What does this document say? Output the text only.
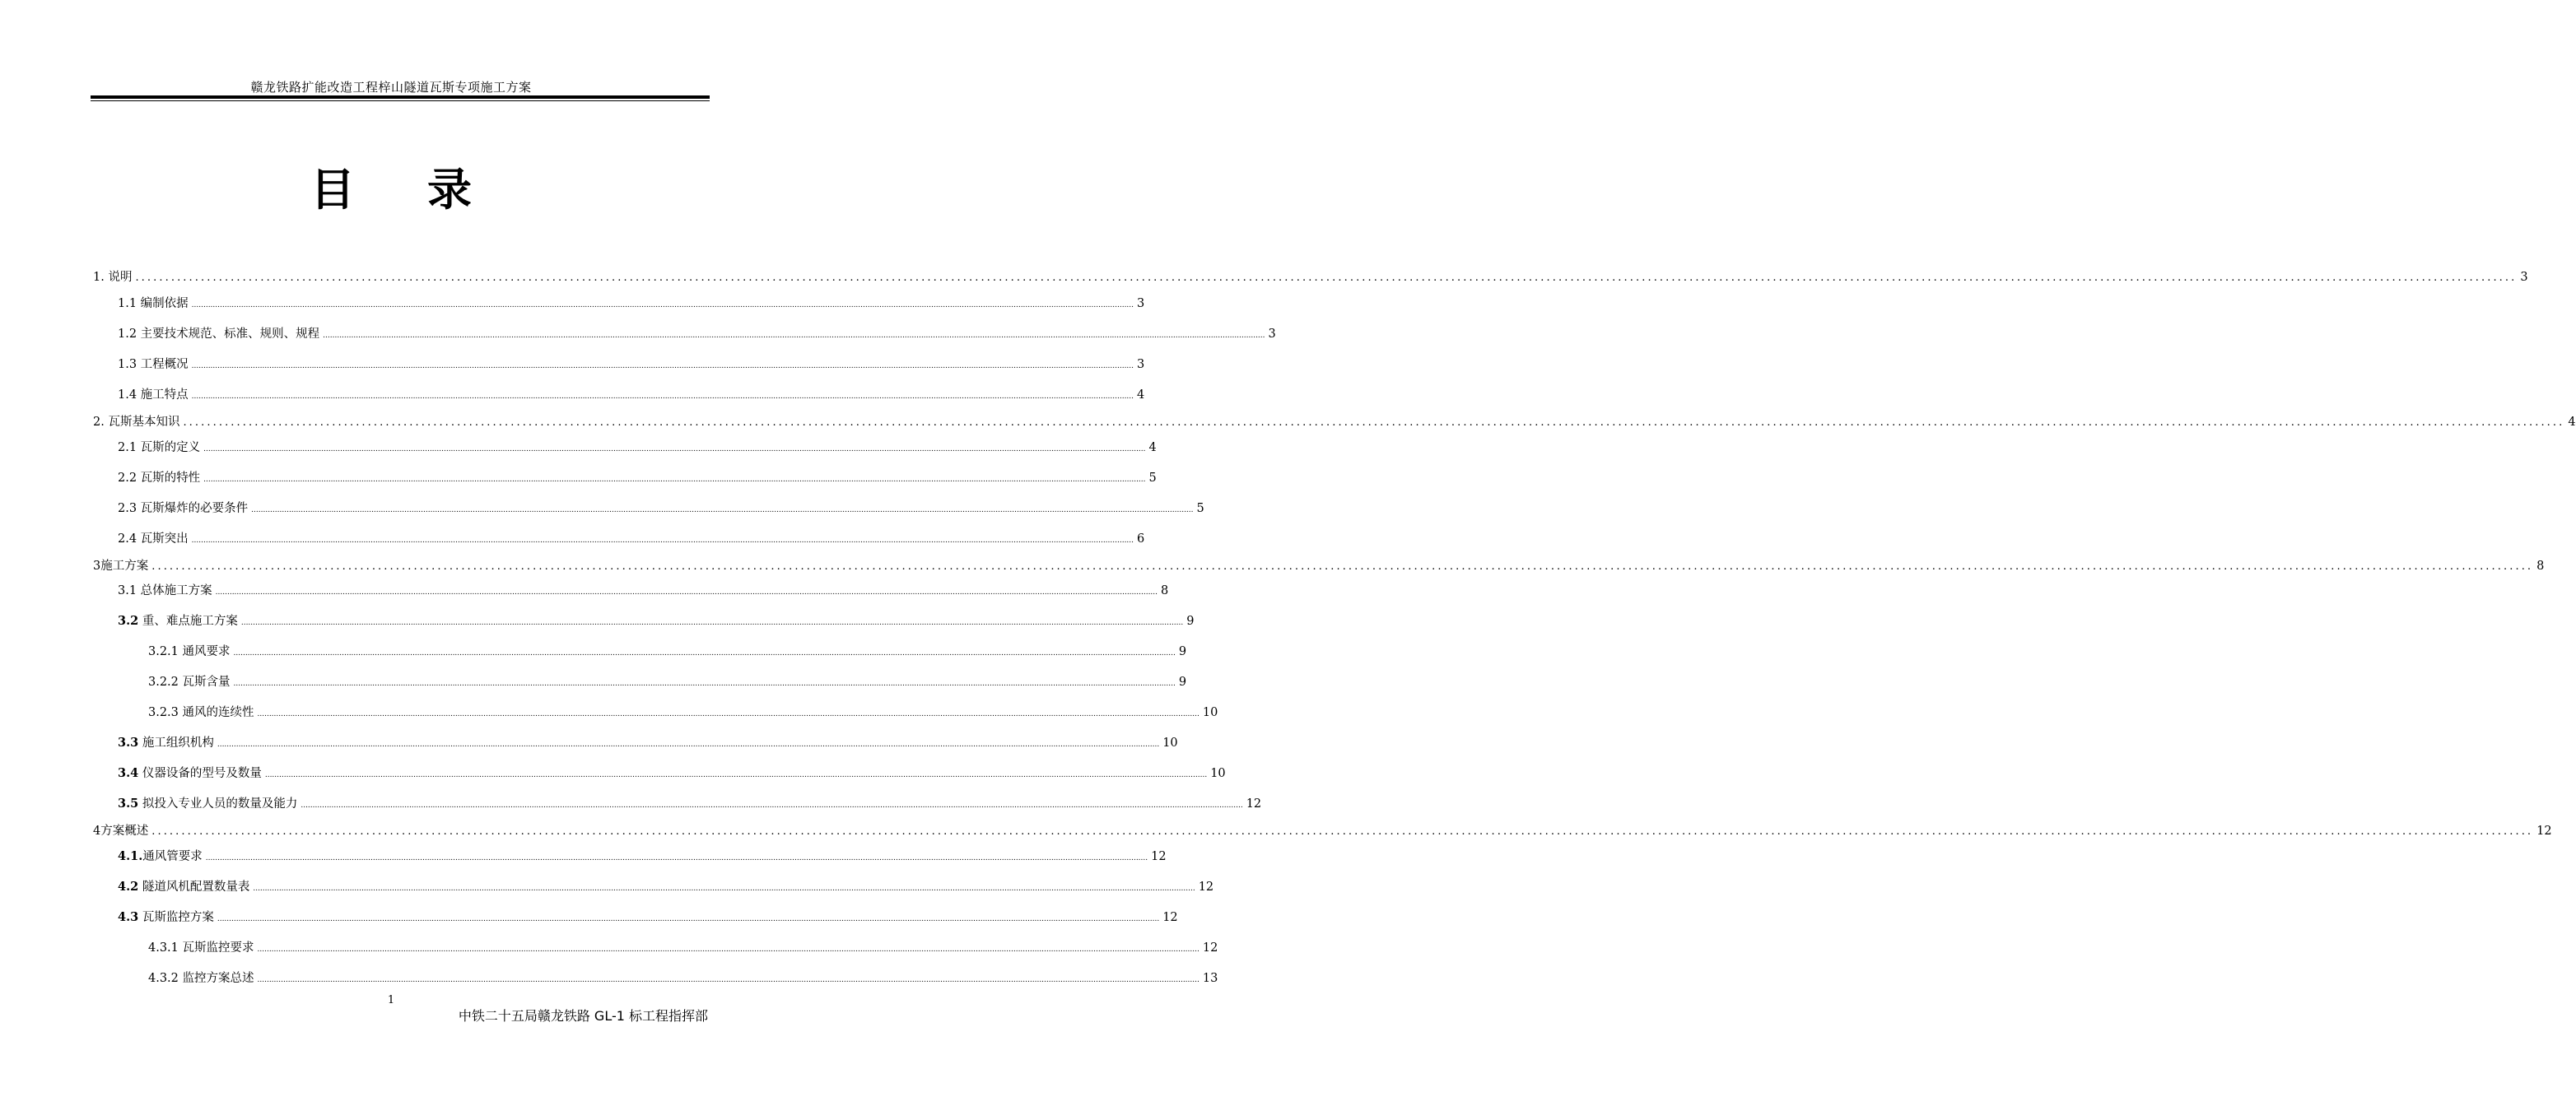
赣龙铁路扩能改造工程梓山隧道瓦斯专项施工方案
目 录
1. 说明 ................................................................................................................................................................................................................................................................................................................................................................................................................ 3
1.1 编制依据 ................................................................................................................................................................................................................................................................................................................................................................................................................ 3
1.2 主要技术规范、标准、规则、规程 ................................................................................................................................................................................................................................................................................................................................................................................................................ 3
1.3 工程概况 ................................................................................................................................................................................................................................................................................................................................................................................................................ 3
1.4 施工特点 ................................................................................................................................................................................................................................................................................................................................................................................................................ 4
2. 瓦斯基本知识 ................................................................................................................................................................................................................................................................................................................................................................................................................ 4
2.1 瓦斯的定义 ................................................................................................................................................................................................................................................................................................................................................................................................................ 4
2.2 瓦斯的特性 ................................................................................................................................................................................................................................................................................................................................................................................................................ 5
2.3 瓦斯爆炸的必要条件 ................................................................................................................................................................................................................................................................................................................................................................................................................ 5
2.4 瓦斯突出 ................................................................................................................................................................................................................................................................................................................................................................................................................ 6
3施工方案 ................................................................................................................................................................................................................................................................................................................................................................................................................ 8
3.1 总体施工方案 ................................................................................................................................................................................................................................................................................................................................................................................................................ 8
3.2 重、难点施工方案 ................................................................................................................................................................................................................................................................................................................................................................................................................ 9
3.2.1 通风要求 ................................................................................................................................................................................................................................................................................................................................................................................................................ 9
3.2.2 瓦斯含量 ................................................................................................................................................................................................................................................................................................................................................................................................................ 9
3.2.3 通风的连续性 ................................................................................................................................................................................................................................................................................................................................................................................................................ 10
3.3 施工组织机构 ................................................................................................................................................................................................................................................................................................................................................................................................................ 10
3.4 仪器设备的型号及数量 ................................................................................................................................................................................................................................................................................................................................................................................................................ 10
3.5 拟投入专业人员的数量及能力 ................................................................................................................................................................................................................................................................................................................................................................................................................ 12
4方案概述 ................................................................................................................................................................................................................................................................................................................................................................................................................ 12
4.1.通风管要求 ................................................................................................................................................................................................................................................................................................................................................................................................................ 12
4.2 隧道风机配置数量表 ................................................................................................................................................................................................................................................................................................................................................................................................................ 12
4.3 瓦斯监控方案 ................................................................................................................................................................................................................................................................................................................................................................................................................ 12
4.3.1 瓦斯监控要求 ................................................................................................................................................................................................................................................................................................................................................................................................................ 12
4.3.2 监控方案总述 ................................................................................................................................................................................................................................................................................................................................................................................................................ 13
1
中铁二十五局赣龙铁路 GL-1 标工程指挥部
